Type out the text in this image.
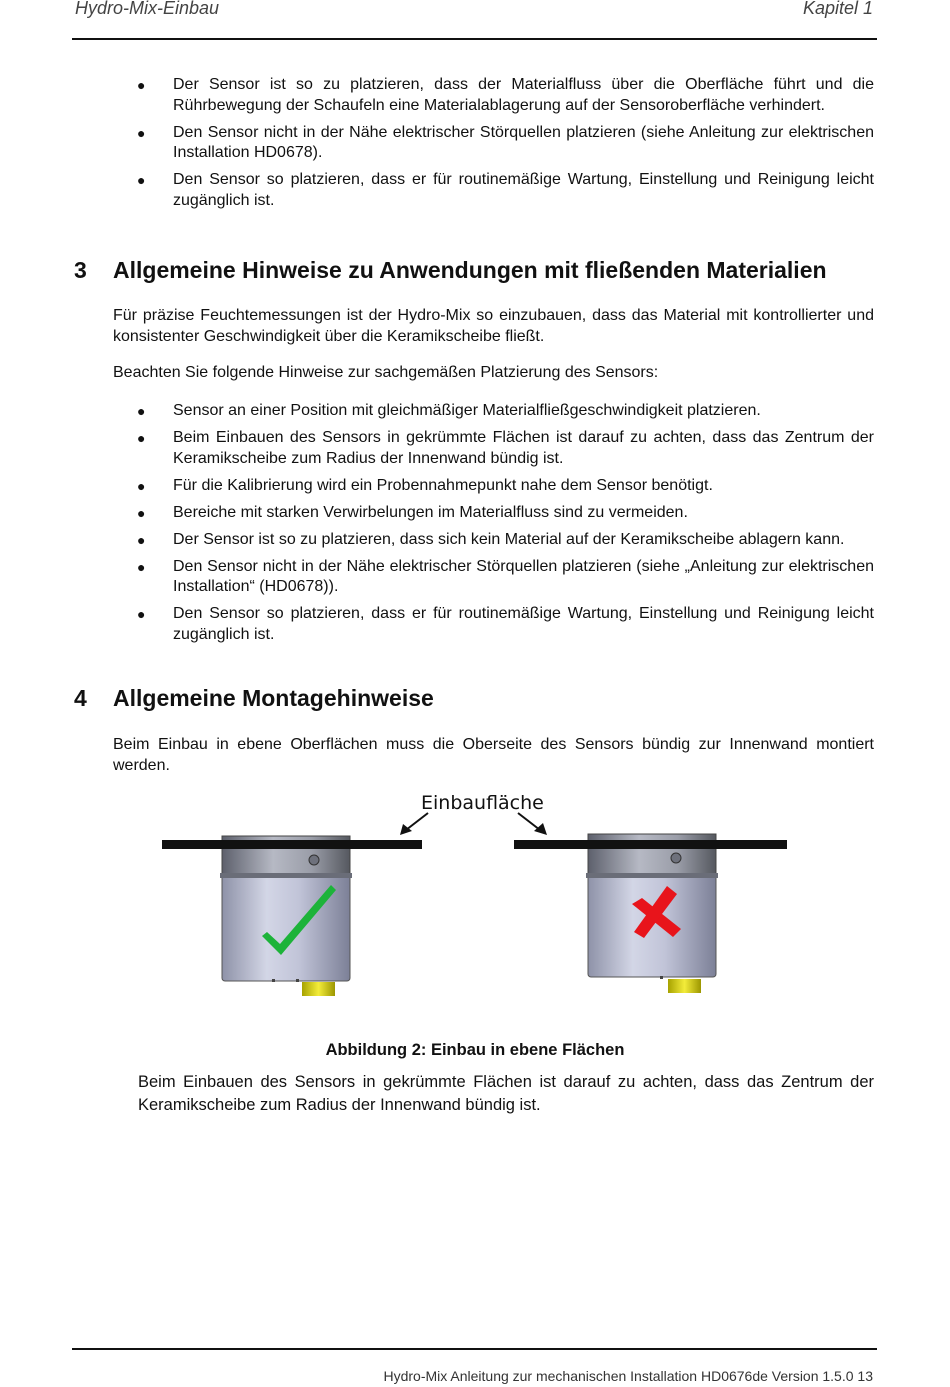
Hydro-Mix-Einbau	Kapitel 1
● Der Sensor ist so zu platzieren, dass der Materialfluss über die Oberfläche führt und die Rührbewegung der Schaufeln eine Materialablagerung auf der Sensoroberfläche verhindert.
● Den Sensor nicht in der Nähe elektrischer Störquellen platzieren (siehe Anleitung zur elektrischen Installation HD0678).
● Den Sensor so platzieren, dass er für routinemäßige Wartung, Einstellung und Reinigung leicht zugänglich ist.
3 Allgemeine Hinweise zu Anwendungen mit fließenden Materialien
Für präzise Feuchtemessungen ist der Hydro-Mix so einzubauen, dass das Material mit kontrollierter und konsistenter Geschwindigkeit über die Keramikscheibe fließt.
Beachten Sie folgende Hinweise zur sachgemäßen Platzierung des Sensors:
● Sensor an einer Position mit gleichmäßiger Materialfließgeschwindigkeit platzieren.
● Beim Einbauen des Sensors in gekrümmte Flächen ist darauf zu achten, dass das Zentrum der Keramikscheibe zum Radius der Innenwand bündig ist.
● Für die Kalibrierung wird ein Probennahmepunkt nahe dem Sensor benötigt.
● Bereiche mit starken Verwirbelungen im Materialfluss sind zu vermeiden.
● Der Sensor ist so zu platzieren, dass sich kein Material auf der Keramikscheibe ablagern kann.
● Den Sensor nicht in der Nähe elektrischer Störquellen platzieren (siehe „Anleitung zur elektrischen Installation“ (HD0678)).
● Den Sensor so platzieren, dass er für routinemäßige Wartung, Einstellung und Reinigung leicht zugänglich ist.
4 Allgemeine Montagehinweise
Beim Einbau in ebene Oberflächen muss die Oberseite des Sensors bündig zur Innenwand montiert werden.
Einbaufläche
Abbildung 2: Einbau in ebene Flächen
Beim Einbauen des Sensors in gekrümmte Flächen ist darauf zu achten, dass das Zentrum der Keramikscheibe zum Radius der Innenwand bündig ist.
Hydro-Mix Anleitung zur mechanischen Installation HD0676de Version 1.5.0 13
